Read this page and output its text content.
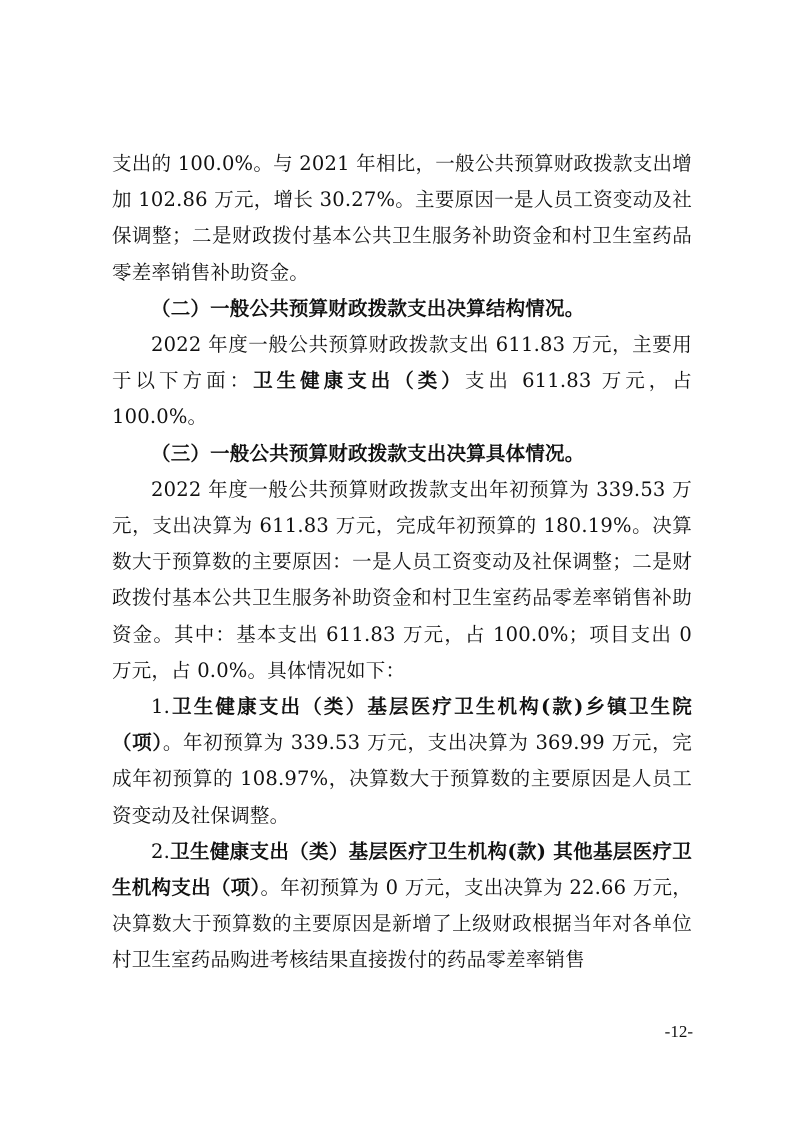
支出的 100.0%。与 2021 年相比，一般公共预算财政拨款支出增加 102.86 万元，增长 30.27%。主要原因一是人员工资变动及社保调整；二是财政拨付基本公共卫生服务补助资金和村卫生室药品零差率销售补助资金。

（二）一般公共预算财政拨款支出决算结构情况。

2022 年度一般公共预算财政拨款支出 611.83 万元，主要用于以下方面：卫生健康支出（类）支出 611.83 万元，占 100.0%。

（三）一般公共预算财政拨款支出决算具体情况。

2022 年度一般公共预算财政拨款支出年初预算为 339.53 万元，支出决算为 611.83 万元，完成年初预算的 180.19%。决算数大于预算数的主要原因：一是人员工资变动及社保调整；二是财政拨付基本公共卫生服务补助资金和村卫生室药品零差率销售补助资金。其中：基本支出 611.83 万元，占 100.0%；项目支出 0 万元，占 0.0%。具体情况如下：

1.卫生健康支出（类）基层医疗卫生机构(款)乡镇卫生院（项）。年初预算为 339.53 万元，支出决算为 369.99 万元，完成年初预算的 108.97%，决算数大于预算数的主要原因是人员工资变动及社保调整。

2.卫生健康支出（类）基层医疗卫生机构(款) 其他基层医疗卫生机构支出（项）。年初预算为 0 万元，支出决算为 22.66 万元，决算数大于预算数的主要原因是新增了上级财政根据当年对各单位村卫生室药品购进考核结果直接拨付的药品零差率销售

-12-
